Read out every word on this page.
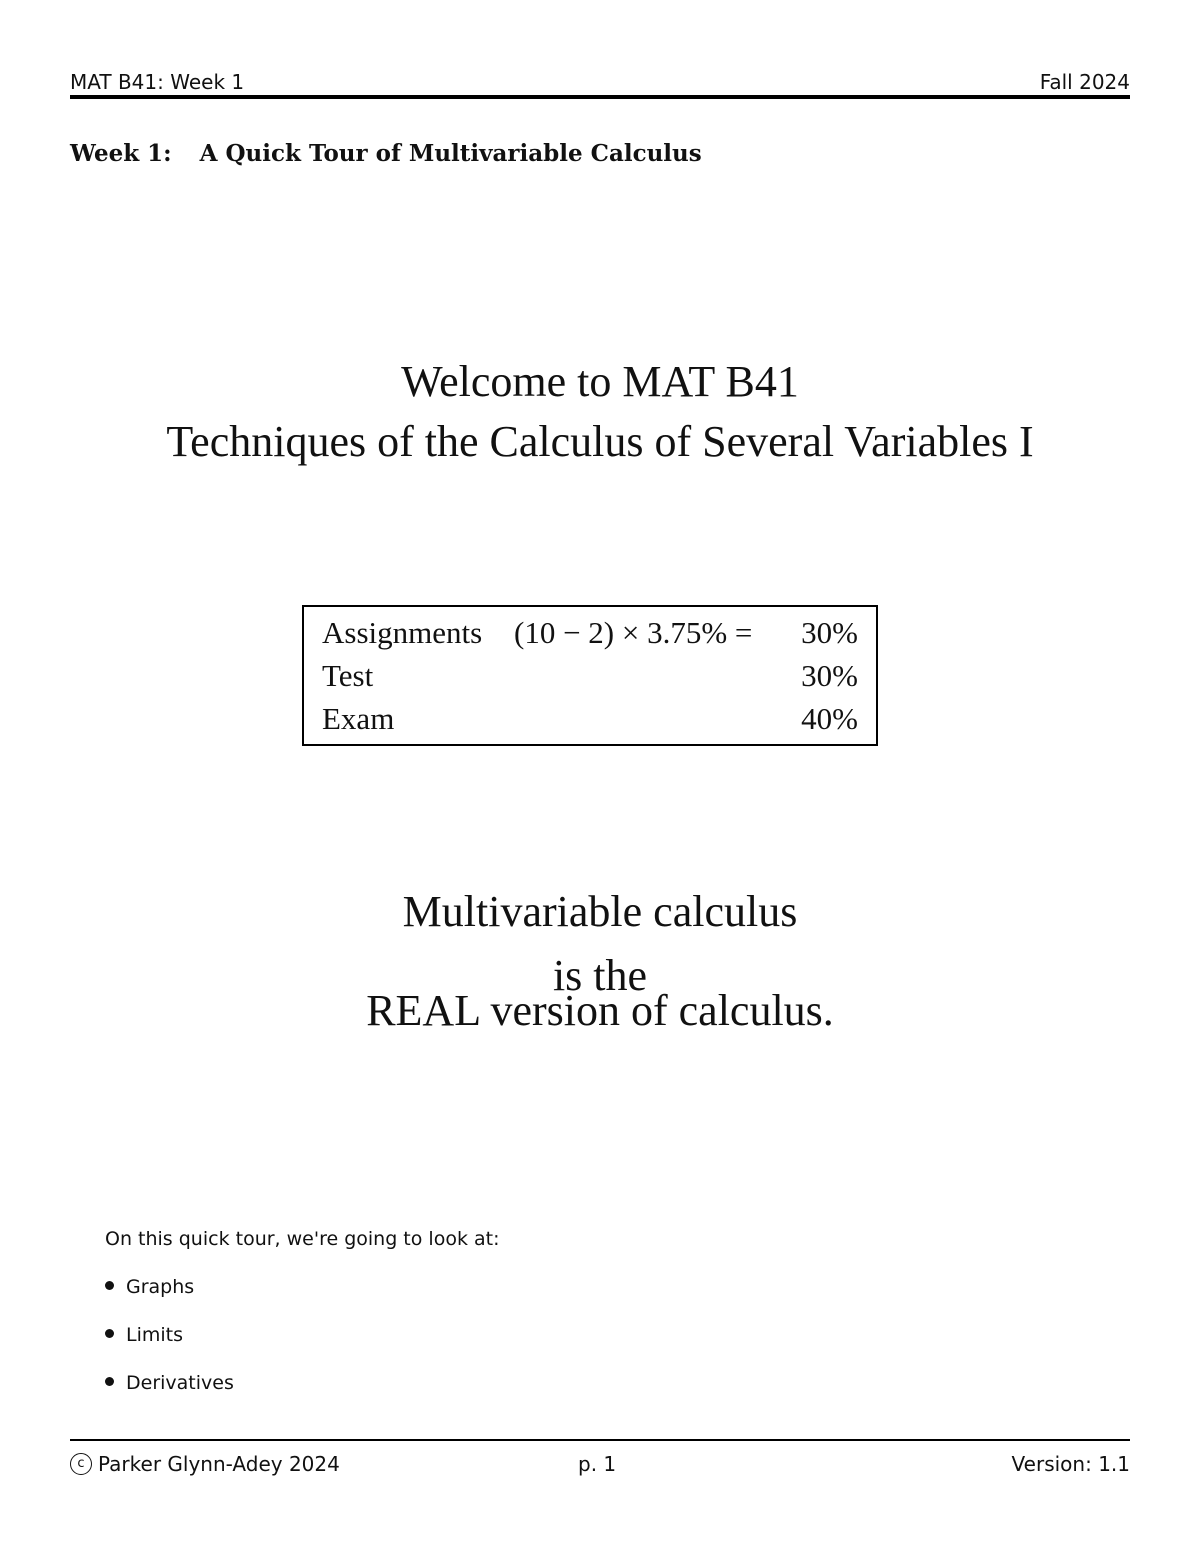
MAT B41: Week 1	Fall 2024
Week 1: A Quick Tour of Multivariable Calculus
Welcome to MAT B41
Techniques of the Calculus of Several Variables I
Assignments (10 − 2) × 3.75% = 30%
Test	30%
Exam	40%
Multivariable calculus
is the
REAL version of calculus.
On this quick tour, we're going to look at:
Graphs
Limits
Derivatives
c Parker Glynn-Adey 2024	p. 1	Version: 1.1
